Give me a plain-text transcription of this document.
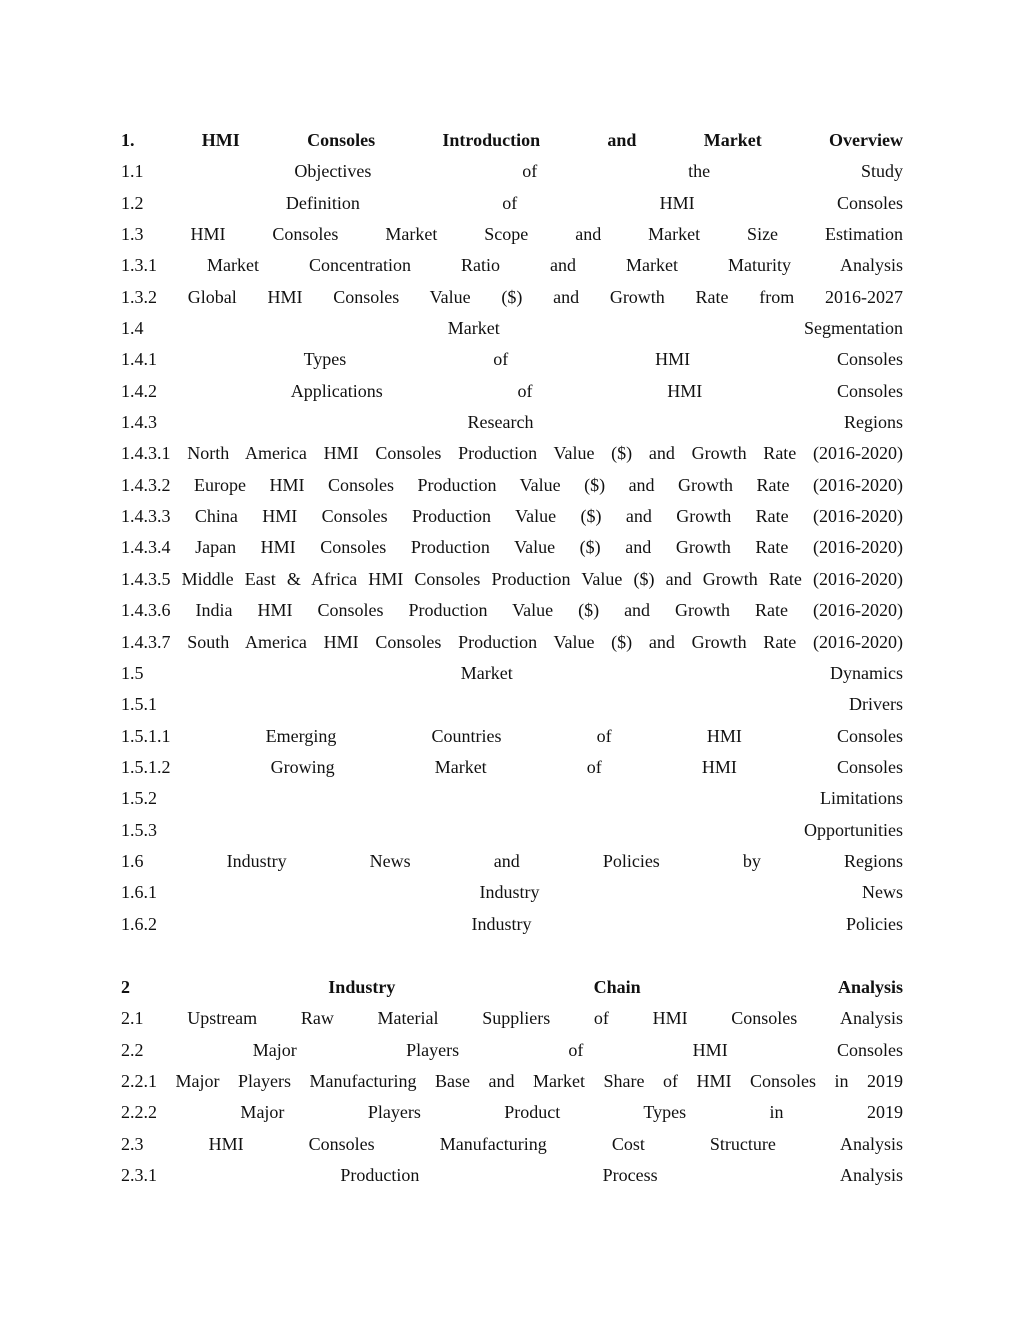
1. HMI Consoles Introduction and Market Overview
1.1 Objectives of the Study
1.2 Definition of HMI Consoles
1.3 HMI Consoles Market Scope and Market Size Estimation
1.3.1 Market Concentration Ratio and Market Maturity Analysis
1.3.2 Global HMI Consoles Value ($) and Growth Rate from 2016-2027
1.4 Market Segmentation
1.4.1 Types of HMI Consoles
1.4.2 Applications of HMI Consoles
1.4.3 Research Regions
1.4.3.1 North America HMI Consoles Production Value ($) and Growth Rate (2016-2020)
1.4.3.2 Europe HMI Consoles Production Value ($) and Growth Rate (2016-2020)
1.4.3.3 China HMI Consoles Production Value ($) and Growth Rate (2016-2020)
1.4.3.4 Japan HMI Consoles Production Value ($) and Growth Rate (2016-2020)
1.4.3.5 Middle East & Africa HMI Consoles Production Value ($) and Growth Rate (2016-2020)
1.4.3.6 India HMI Consoles Production Value ($) and Growth Rate (2016-2020)
1.4.3.7 South America HMI Consoles Production Value ($) and Growth Rate (2016-2020)
1.5 Market Dynamics
1.5.1 Drivers
1.5.1.1 Emerging Countries of HMI Consoles
1.5.1.2 Growing Market of HMI Consoles
1.5.2 Limitations
1.5.3 Opportunities
1.6 Industry News and Policies by Regions
1.6.1 Industry News
1.6.2 Industry Policies
2 Industry Chain Analysis
2.1 Upstream Raw Material Suppliers of HMI Consoles Analysis
2.2 Major Players of HMI Consoles
2.2.1 Major Players Manufacturing Base and Market Share of HMI Consoles in 2019
2.2.2 Major Players Product Types in 2019
2.3 HMI Consoles Manufacturing Cost Structure Analysis
2.3.1 Production Process Analysis
